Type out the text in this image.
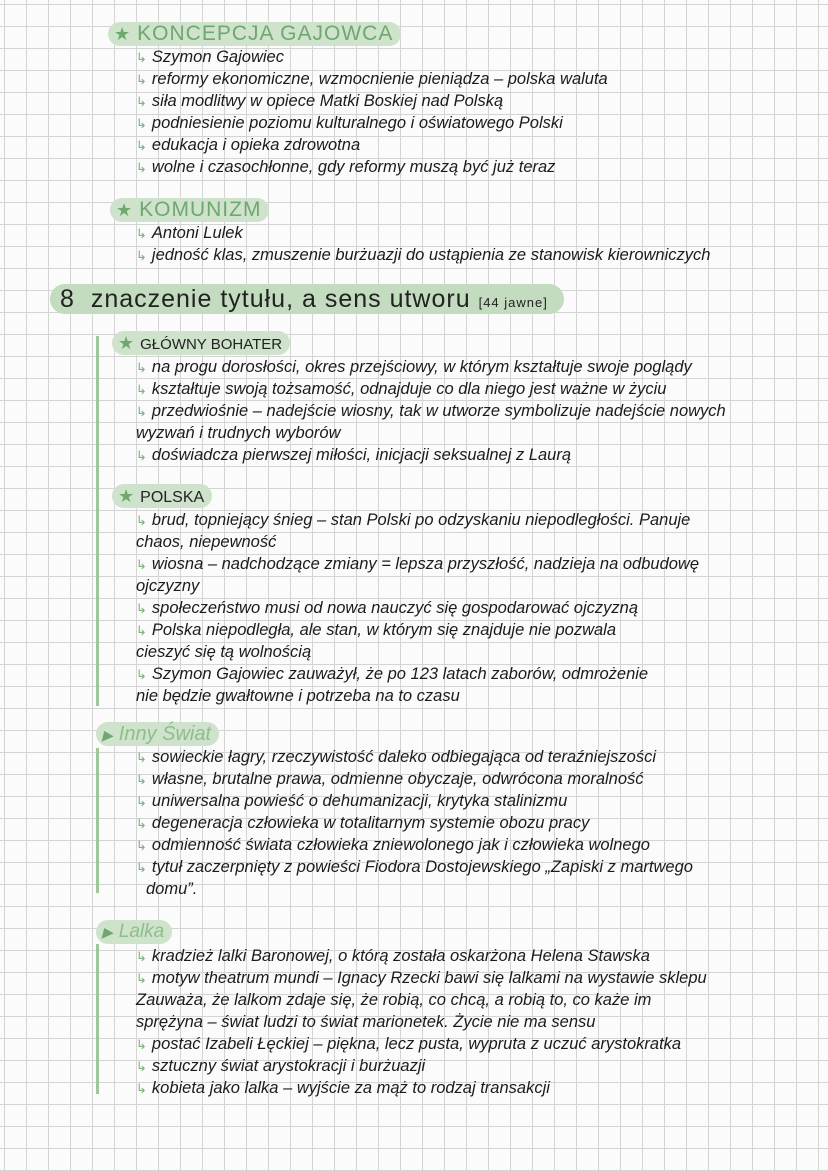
★ KONCEPCJA GAJOWCA
↳ Szymon Gajowiec
↳ reformy ekonomiczne, wzmocnienie pieniądza – polska waluta
↳ siła modlitwy w opiece Matki Boskiej nad Polską
↳ podniesienie poziomu kulturalnego i oświatowego Polski
↳ edukacja i opieka zdrowotna
↳ wolne i czasochłonne, gdy reformy muszą być już teraz
★ KOMUNIZM
↳ Antoni Lulek
↳ jedność klas, zmuszenie burżuazji do ustąpienia ze stanowisk kierowniczych
8 znaczenie tytułu, a sens utworu [44 jawne]
★ GŁÓWNY BOHATER
↳ na progu dorosłości, okres przejściowy, w którym kształtuje swoje poglądy
↳ kształtuje swoją tożsamość, odnajduje co dla niego jest ważne w życiu
↳ przedwiośnie – nadejście wiosny, tak w utworze symbolizuje nadejście nowych
wyzwań i trudnych wyborów
↳ doświadcza pierwszej miłości, inicjacji seksualnej z Laurą
★ POLSKA
↳ brud, topniejący śnieg – stan Polski po odzyskaniu niepodległości. Panuje
chaos, niepewność
↳ wiosna – nadchodzące zmiany = lepsza przyszłość, nadzieja na odbudowę
ojczyzny
↳ społeczeństwo musi od nowa nauczyć się gospodarować ojczyzną
↳ Polska niepodległa, ale stan, w którym się znajduje nie pozwala
cieszyć się tą wolnością
↳ Szymon Gajowiec zauważył, że po 123 latach zaborów, odmrożenie
nie będzie gwałtowne i potrzeba na to czasu
▶ Inny Świat
↳ sowieckie łagry, rzeczywistość daleko odbiegająca od teraźniejszości
↳ własne, brutalne prawa, odmienne obyczaje, odwrócona moralność
↳ uniwersalna powieść o dehumanizacji, krytyka stalinizmu
↳ degeneracja człowieka w totalitarnym systemie obozu pracy
↳ odmienność świata człowieka zniewolonego jak i człowieka wolnego
↳ tytuł zaczerpnięty z powieści Fiodora Dostojewskiego „Zapiski z martwego
domu”.
▶ Lalka
↳ kradzież lalki Baronowej, o którą została oskarżona Helena Stawska
↳ motyw theatrum mundi – Ignacy Rzecki bawi się lalkami na wystawie sklepu
Zauważa, że lalkom zdaje się, że robią, co chcą, a robią to, co każe im
sprężyna – świat ludzi to świat marionetek. Życie nie ma sensu
↳ postać Izabeli Łęckiej – piękna, lecz pusta, wypruta z uczuć arystokratka
↳ sztuczny świat arystokracji i burżuazji
↳ kobieta jako lalka – wyjście za mąż to rodzaj transakcji
